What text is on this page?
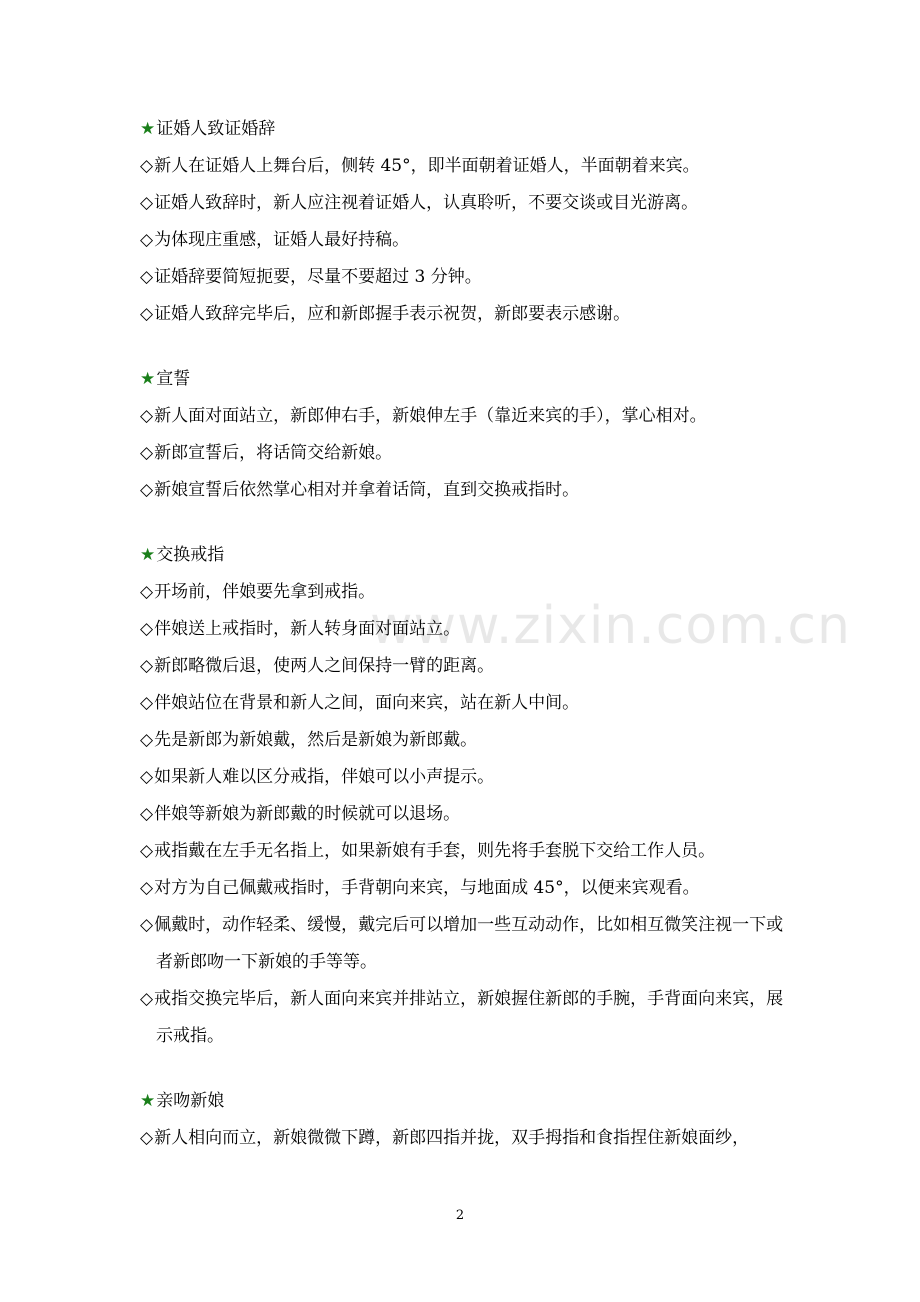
★证婚人致证婚辞
◇新人在证婚人上舞台后，侧转 45°，即半面朝着证婚人，半面朝着来宾。
◇证婚人致辞时，新人应注视着证婚人，认真聆听，不要交谈或目光游离。
◇为体现庄重感，证婚人最好持稿。
◇证婚辞要简短扼要，尽量不要超过 3 分钟。
◇证婚人致辞完毕后，应和新郎握手表示祝贺，新郎要表示感谢。
★宣誓
◇新人面对面站立，新郎伸右手，新娘伸左手（靠近来宾的手），掌心相对。
◇新郎宣誓后，将话筒交给新娘。
◇新娘宣誓后依然掌心相对并拿着话筒，直到交换戒指时。
★交换戒指
◇开场前，伴娘要先拿到戒指。
◇伴娘送上戒指时，新人转身面对面站立。
◇新郎略微后退，使两人之间保持一臂的距离。
◇伴娘站位在背景和新人之间，面向来宾，站在新人中间。
◇先是新郎为新娘戴，然后是新娘为新郎戴。
◇如果新人难以区分戒指，伴娘可以小声提示。
◇伴娘等新娘为新郎戴的时候就可以退场。
◇戒指戴在左手无名指上，如果新娘有手套，则先将手套脱下交给工作人员。
◇对方为自己佩戴戒指时，手背朝向来宾，与地面成 45°，以便来宾观看。
◇佩戴时，动作轻柔、缓慢，戴完后可以增加一些互动动作，比如相互微笑注视一下或者新郎吻一下新娘的手等等。
◇戒指交换完毕后，新人面向来宾并排站立，新娘握住新郎的手腕，手背面向来宾，展示戒指。
★亲吻新娘
◇新人相向而立，新娘微微下蹲，新郎四指并拢，双手拇指和食指捏住新娘面纱，
www.zixin.com.cn
2
